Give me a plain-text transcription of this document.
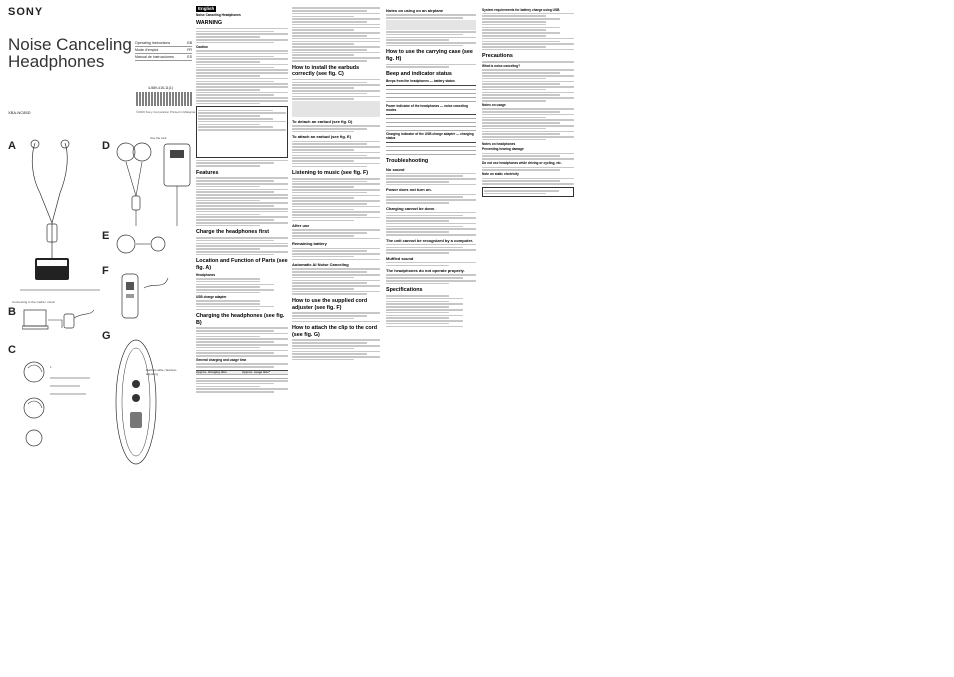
SONY
Noise Canceling
Headphones
Operating Instructions	GB
Mode d'emploi	FR
Manual de instrucciones	ES
4-589-415-11(1)
©2016 Sony Corporation Printed in Malaysia
XBA-NC85D
A
B
C
D
E
F
G
Connecting to the media / music
1
Use the lock
Earbud cable / Ear/ear-adjusting
English
Noise Canceling Headphones
WARNING
Caution
Features
Charge the headphones first
Location and Function of Parts (see fig. A)
Headphones
USB charge adapter
Charging the headphones (see fig. B)
General charging and usage time
Approx. charging time	Approx. usage time*
How to install the earbuds correctly (see fig. C)
To detach an earbud (see fig. D)
To attach an earbud (see fig. E)
Listening to music (see fig. F)
After use
Remaining battery
Automatic AI Noise Canceling
How to use the supplied cord adjuster (see fig. F)
How to attach the clip to the cord (see fig. G)
Notes on using on an airplane
How to use the carrying case (see fig. H)
Beep and indicator status
Beeps from the headphones — battery status
Power indicator of the headphones — noise canceling modes
Charging indicator of the USB charge adapter — charging status
Troubleshooting
No sound
Power does not turn on.
Charging cannot be done.
The unit cannot be recognized by a computer.
Muffled sound
The headphones do not operate properly.
Specifications
System requirements for battery charge using USB
Precautions
What is noise canceling?
Notes on usage
Notes on headphones
Preventing hearing damage
Do not use headphones while driving or cycling, etc.
Note on static electricity
